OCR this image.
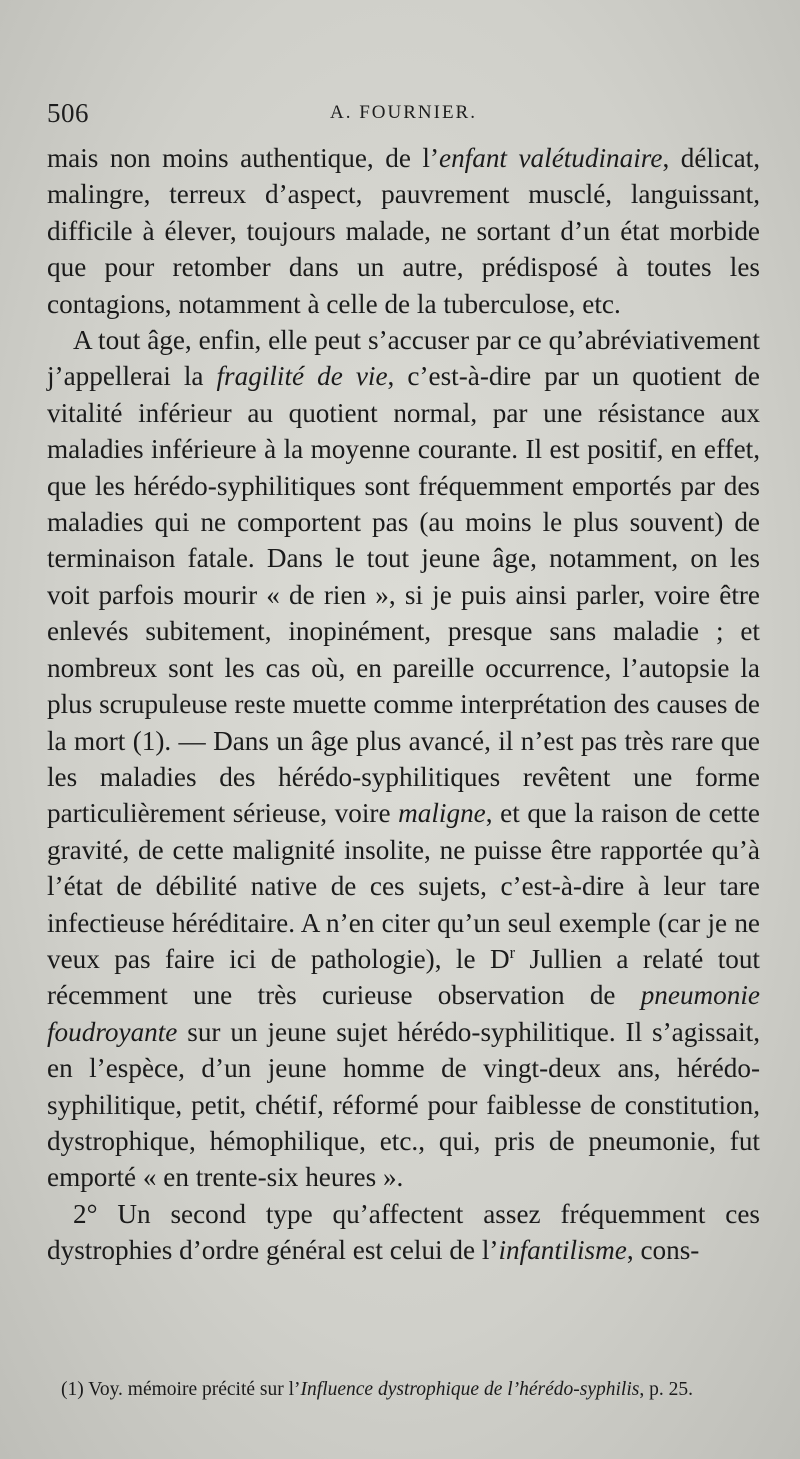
506	A. FOURNIER.

mais non moins authentique, de l’enfant valétudinaire, délicat, malingre, terreux d’aspect, pauvrement musclé, languissant, difficile à élever, toujours malade, ne sortant d’un état morbide que pour retomber dans un autre, prédisposé à toutes les contagions, notamment à celle de la tuberculose, etc.

A tout âge, enfin, elle peut s’accuser par ce qu’abréviativement j’appellerai la fragilité de vie, c’est-à-dire par un quotient de vitalité inférieur au quotient normal, par une résistance aux maladies inférieure à la moyenne courante. Il est positif, en effet, que les hérédo-syphilitiques sont fréquemment emportés par des maladies qui ne comportent pas (au moins le plus souvent) de terminaison fatale. Dans le tout jeune âge, notamment, on les voit parfois mourir « de rien », si je puis ainsi parler, voire être enlevés subitement, inopinément, presque sans maladie ; et nombreux sont les cas où, en pareille occurrence, l’autopsie la plus scrupuleuse reste muette comme interprétation des causes de la mort (1). — Dans un âge plus avancé, il n’est pas très rare que les maladies des hérédo-syphilitiques revêtent une forme particulièrement sérieuse, voire maligne, et que la raison de cette gravité, de cette malignité insolite, ne puisse être rapportée qu’à l’état de débilité native de ces sujets, c’est-à-dire à leur tare infectieuse héréditaire. A n’en citer qu’un seul exemple (car je ne veux pas faire ici de pathologie), le $D^r$ Jullien a relaté tout récemment une très curieuse observation de pneumonie foudroyante sur un jeune sujet hérédo-syphilitique. Il s’agissait, en l’espèce, d’un jeune homme de vingt-deux ans, hérédo-syphilitique, petit, chétif, réformé pour faiblesse de constitution, dystrophique, hémophilique, etc., qui, pris de pneumonie, fut emporté « en trente-six heures ».

2° Un second type qu’affectent assez fréquemment ces dystrophies d’ordre général est celui de l’infantilisme, cons-

(1) Voy. mémoire précité sur l’Influence dystrophique de l’hérédo-syphilis, p. 25.
